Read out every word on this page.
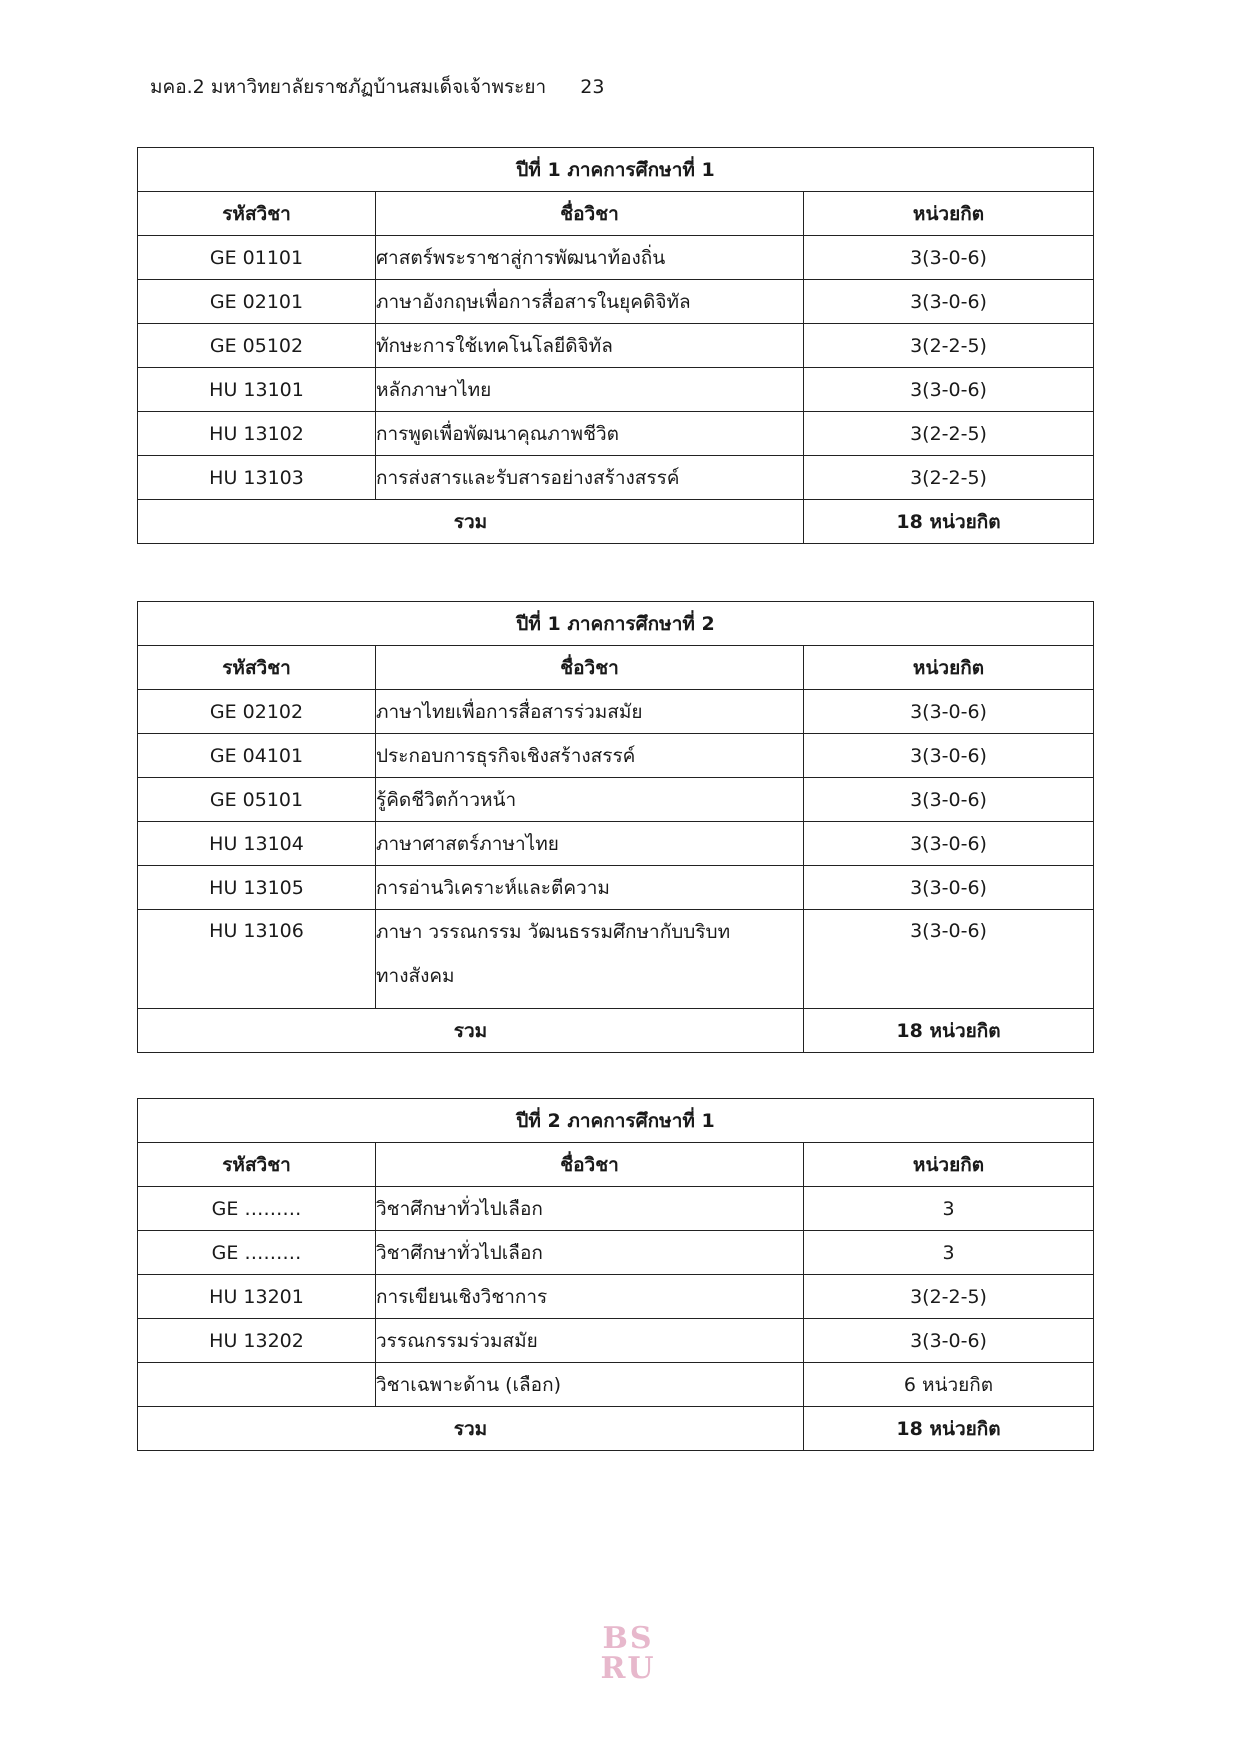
มคอ.2 มหาวิทยาลัยราชภัฏบ้านสมเด็จเจ้าพระยา 23
ปีที่ 1 ภาคการศึกษาที่ 1		
รหัสวิชา	ชื่อวิชา	หน่วยกิต
GE 01101	ศาสตร์พระราชาสู่การพัฒนาท้องถิ่น	3(3-0-6)
GE 02101	ภาษาอังกฤษเพื่อการสื่อสารในยุคดิจิทัล	3(3-0-6)
GE 05102	ทักษะการใช้เทคโนโลยีดิจิทัล	3(2-2-5)
HU 13101	หลักภาษาไทย	3(3-0-6)
HU 13102	การพูดเพื่อพัฒนาคุณภาพชีวิต	3(2-2-5)
HU 13103	การส่งสารและรับสารอย่างสร้างสรรค์	3(2-2-5)
รวม		18 หน่วยกิต
ปีที่ 1 ภาคการศึกษาที่ 2		
รหัสวิชา	ชื่อวิชา	หน่วยกิต
GE 02102	ภาษาไทยเพื่อการสื่อสารร่วมสมัย	3(3-0-6)
GE 04101	ประกอบการธุรกิจเชิงสร้างสรรค์	3(3-0-6)
GE 05101	รู้คิดชีวิตก้าวหน้า	3(3-0-6)
HU 13104	ภาษาศาสตร์ภาษาไทย	3(3-0-6)
HU 13105	การอ่านวิเคราะห์และตีความ	3(3-0-6)
HU 13106	ภาษา วรรณกรรม วัฒนธรรมศึกษากับบริบท
ทางสังคม	3(3-0-6)
รวม		18 หน่วยกิต
ปีที่ 2 ภาคการศึกษาที่ 1		
รหัสวิชา	ชื่อวิชา	หน่วยกิต
GE ………	วิชาศึกษาทั่วไปเลือก	3
GE ………	วิชาศึกษาทั่วไปเลือก	3
HU 13201	การเขียนเชิงวิชาการ	3(2-2-5)
HU 13202	วรรณกรรมร่วมสมัย	3(3-0-6)
	วิชาเฉพาะด้าน (เลือก)	6 หน่วยกิต
รวม		18 หน่วยกิต
BS
RU
